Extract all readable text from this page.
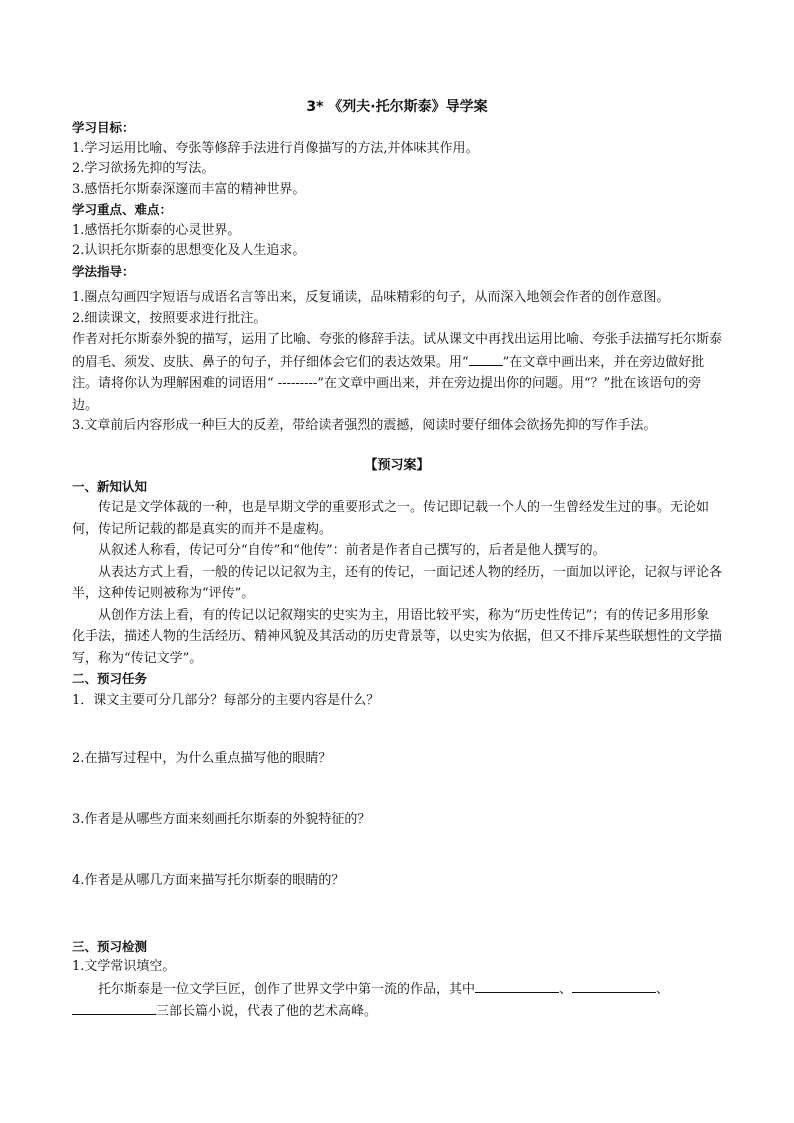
3* 《列夫·托尔斯泰》导学案
学习目标：
1.学习运用比喻、夸张等修辞手法进行肖像描写的方法,并体味其作用。
2.学习欲扬先抑的写法。
3.感悟托尔斯泰深邃而丰富的精神世界。
学习重点、难点：
1.感悟托尔斯泰的心灵世界。
2.认识托尔斯泰的思想变化及人生追求。
学法指导：
1.圈点勾画四字短语与成语名言等出来，反复诵读，品味精彩的句子，从而深入地领会作者的创作意图。
2.细读课文，按照要求进行批注。
作者对托尔斯泰外貌的描写，运用了比喻、夸张的修辞手法。试从课文中再找出运用比喻、夸张手法描写托尔斯泰的眉毛、须发、皮肤、鼻子的句子，并仔细体会它们的表达效果。用“	”在文章中画出来，并在旁边做好批注。请将你认为理解困难的词语用“ ---------”在文章中画出来，并在旁边提出你的问题。用“？”批在该语句的旁边。
3.文章前后内容形成一种巨大的反差，带给读者强烈的震撼，阅读时要仔细体会欲扬先抑的写作手法。
【预习案】
一、新知认知
传记是文学体裁的一种，也是早期文学的重要形式之一。传记即记载一个人的一生曾经发生过的事。无论如何，传记所记载的都是真实的而并不是虚构。
从叙述人称看，传记可分“自传”和“他传”：前者是作者自己撰写的，后者是他人撰写的。
从表达方式上看，一般的传记以记叙为主，还有的传记，一面记述人物的经历，一面加以评论，记叙与评论各半，这种传记则被称为“评传”。
从创作方法上看，有的传记以记叙翔实的史实为主，用语比较平实，称为“历史性传记”；有的传记多用形象化手法，描述人物的生活经历、精神风貌及其活动的历史背景等，以史实为依据，但又不排斥某些联想性的文学描写，称为“传记文学”。
二、预习任务
1．课文主要可分几部分？每部分的主要内容是什么？
2.在描写过程中，为什么重点描写他的眼睛？
3.作者是从哪些方面来刻画托尔斯泰的外貌特征的？
4.作者是从哪几方面来描写托尔斯泰的眼睛的？
三、预习检测
1.文学常识填空。
托尔斯泰是一位文学巨匠，创作了世界文学中第一流的作品，其中	、	、三部长篇小说，代表了他的艺术高峰。
